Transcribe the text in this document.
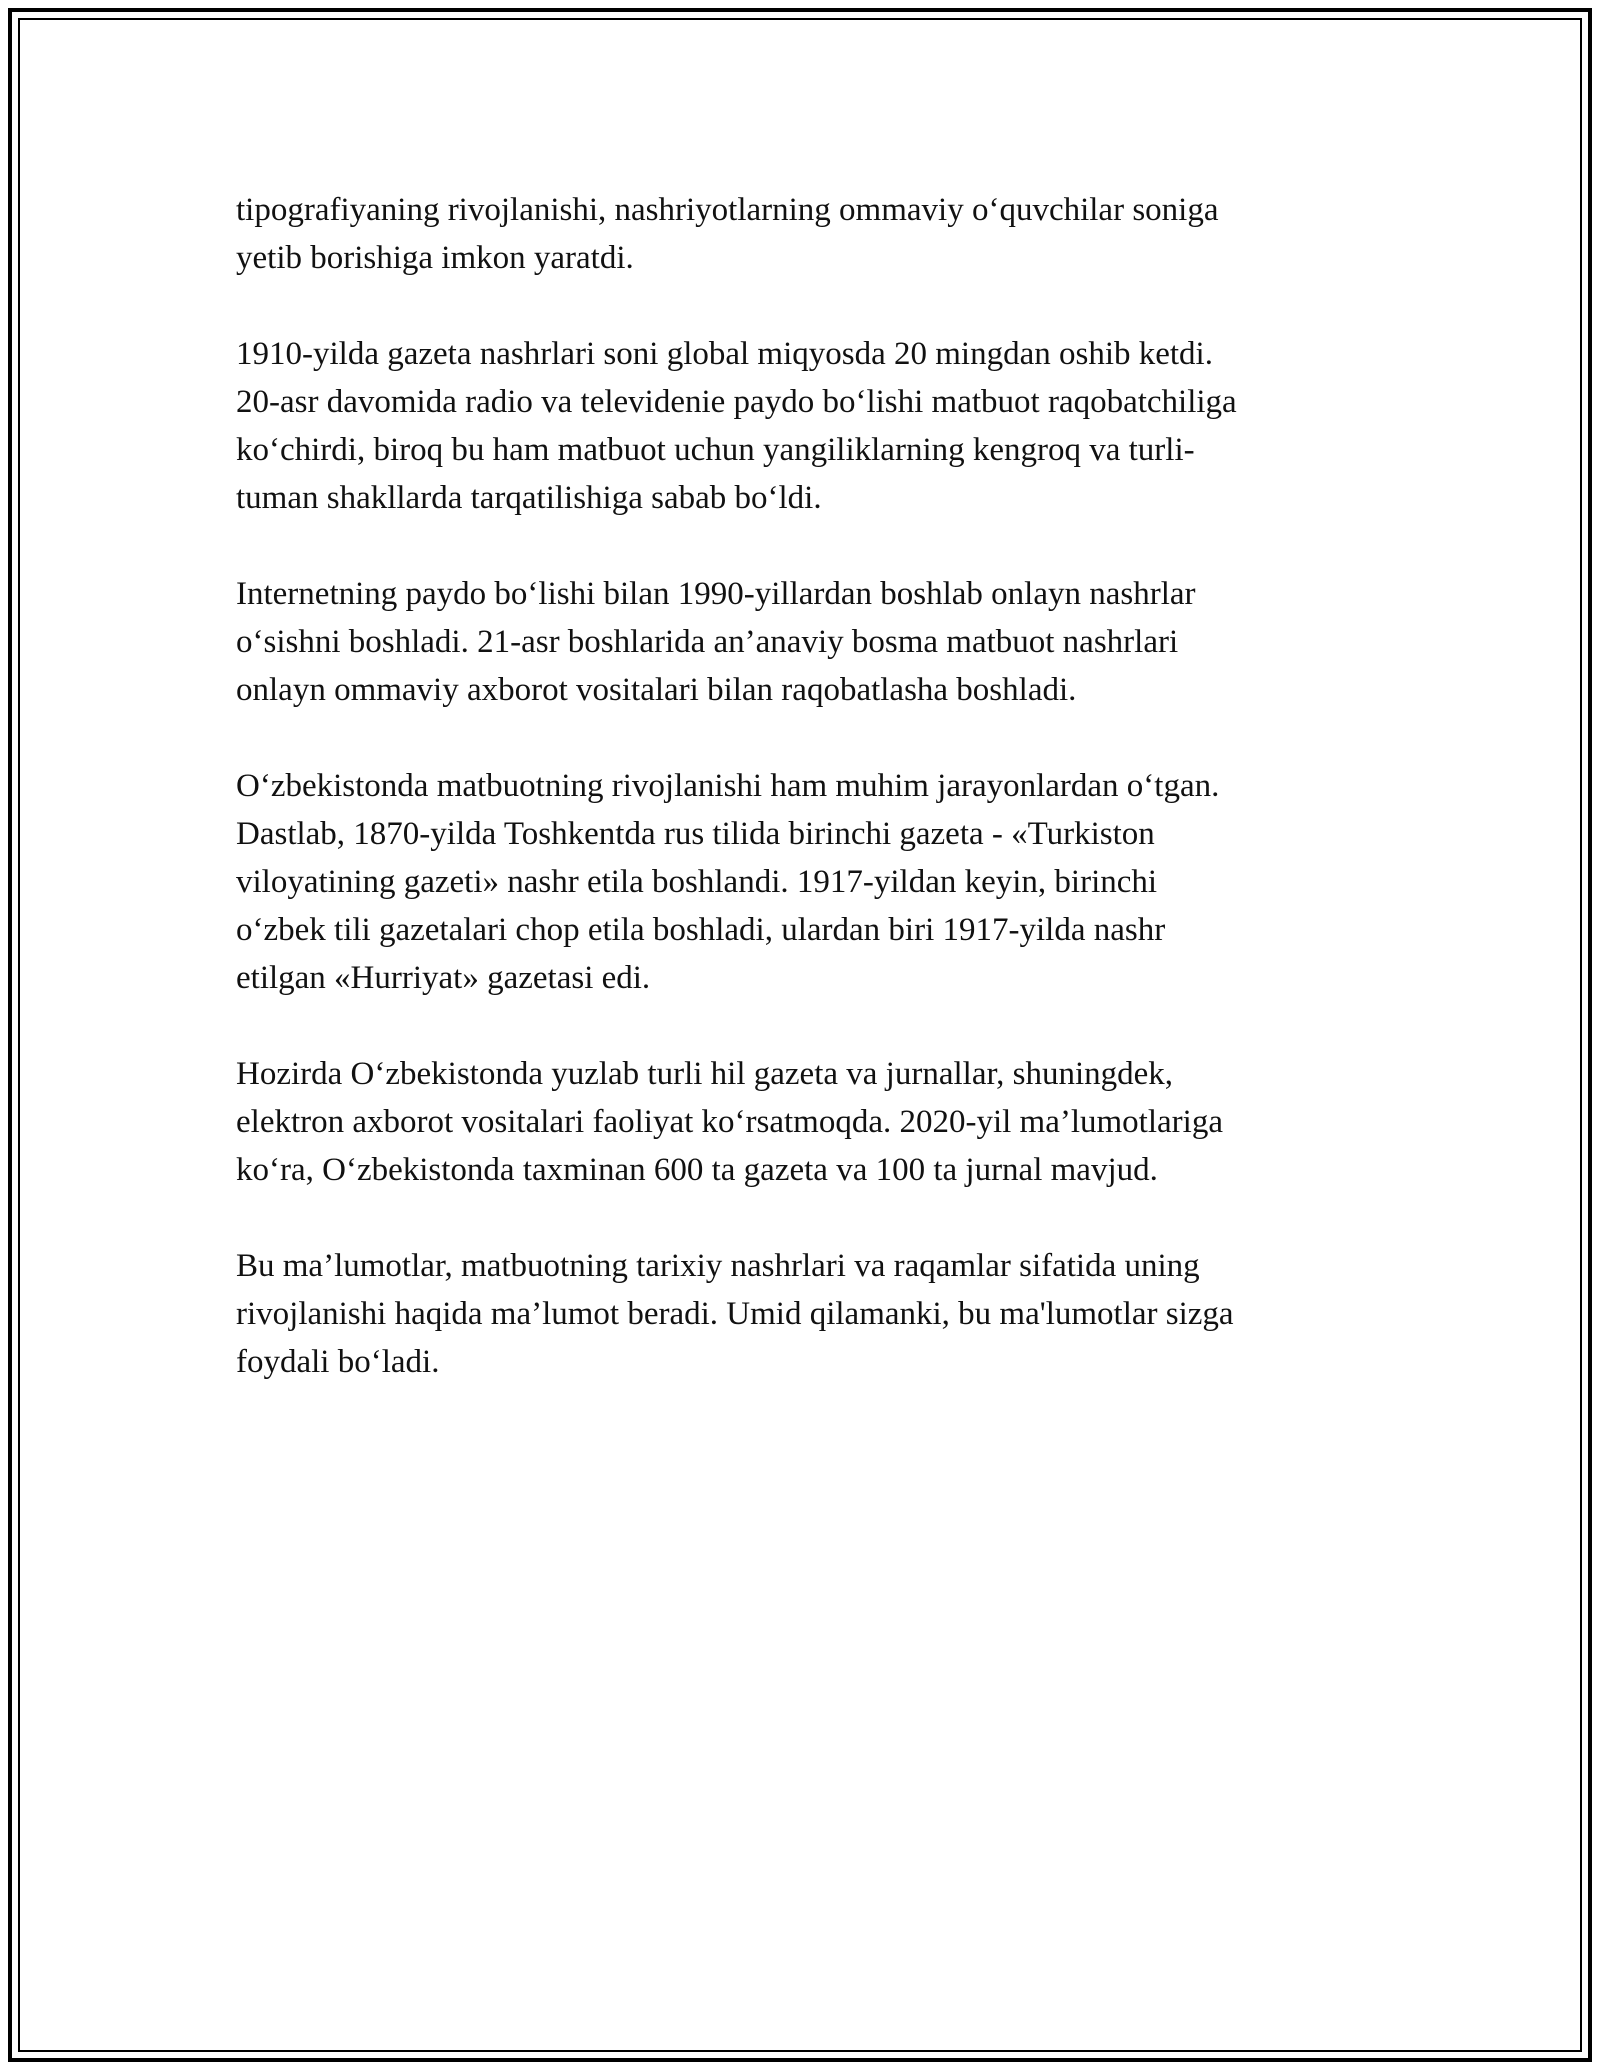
tipografiyaning rivojlanishi, nashriyotlarning ommaviy o‘quvchilar soniga
yetib borishiga imkon yaratdi.

1910-yilda gazeta nashrlari soni global miqyosda 20 mingdan oshib ketdi.
20-asr davomida radio va televidenie paydo bo‘lishi matbuot raqobatchiliga
ko‘chirdi, biroq bu ham matbuot uchun yangiliklarning kengroq va turli-
tuman shakllarda tarqatilishiga sabab bo‘ldi.

Internetning paydo bo‘lishi bilan 1990-yillardan boshlab onlayn nashrlar
o‘sishni boshladi. 21-asr boshlarida an’anaviy bosma matbuot nashrlari
onlayn ommaviy axborot vositalari bilan raqobatlasha boshladi.

O‘zbekistonda matbuotning rivojlanishi ham muhim jarayonlardan o‘tgan.
Dastlab, 1870-yilda Toshkentda rus tilida birinchi gazeta - «Turkiston
viloyatining gazeti» nashr etila boshlandi. 1917-yildan keyin, birinchi
o‘zbek tili gazetalari chop etila boshladi, ulardan biri 1917-yilda nashr
etilgan «Hurriyat» gazetasi edi.

Hozirda O‘zbekistonda yuzlab turli hil gazeta va jurnallar, shuningdek,
elektron axborot vositalari faoliyat ko‘rsatmoqda. 2020-yil ma’lumotlariga
ko‘ra, O‘zbekistonda taxminan 600 ta gazeta va 100 ta jurnal mavjud.

Bu ma’lumotlar, matbuotning tarixiy nashrlari va raqamlar sifatida uning
rivojlanishi haqida ma’lumot beradi. Umid qilamanki, bu ma'lumotlar sizga
foydali bo‘ladi.
